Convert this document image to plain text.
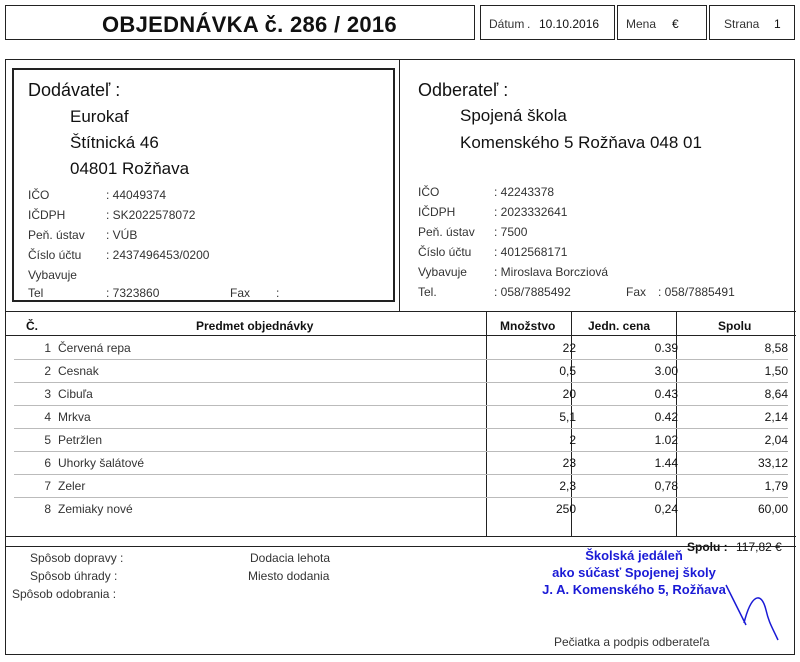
OBJEDNÁVKA č. 286 / 2016	Dátum . 10.10.2016 Mena €	Strana 1
Dodávateľ :
Eurokaf
Štítnická 46
04801 Rožňava
IČO	: 44049374
IČDPH	: SK2022578072
Peň. ústav : VÚB
Číslo účtu : 2437496453/0200
Vybavuje
Tel	: 7323860	Fax :
Odberateľ :
Spojená škola
Komenského 5 Rožňava 048 01
IČO	: 42243378
IČDPH	: 2023332641
Peň. ústav : 7500
Číslo účtu : 4012568171
Vybavuje : Miroslava Borcziová
Tel.	: 058/7885492	Fax : 058/7885491
Č.	Predmet objednávky	Množstvo	Jedn. cena	Spolu
1 Červená repa	22	0.39	8,58
2 Cesnak	0,5	3.00	1,50
3 Cibuľa	20	0.43	8,64
4 Mrkva	5,1	0.42	2,14
5 Petržlen	2	1.02	2,04
6 Uhorky šalátové	23	1.44	33,12
7 Zeler	2,3	0,78	1,79
8 Zemiaky nové	250	0,24	60,00
Spolu : 117,82 €
Spôsob dopravy :
Spôsob úhrady :
Spôsob odobrania :
Dodacia lehota
Miesto dodania
Školská jedáleň
ako súčasť Spojenej školy
J. A. Komenského 5, Rožňava
Pečiatka a podpis odberateľa
